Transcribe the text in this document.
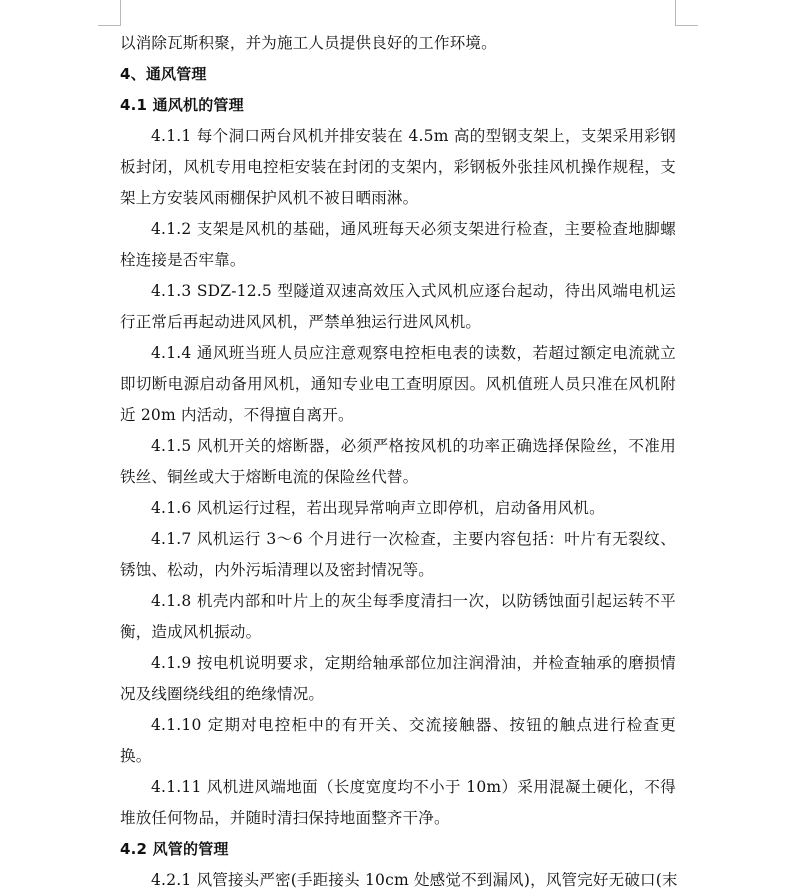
以消除瓦斯积聚，并为施工人员提供良好的工作环境。
4、通风管理
4.1 通风机的管理

4.1.1 每个洞口两台风机并排安装在 4.5m 高的型钢支架上，支架采用彩钢板封闭，风机专用电控柜安装在封闭的支架内，彩钢板外张挂风机操作规程，支架上方安装风雨棚保护风机不被日晒雨淋。

4.1.2 支架是风机的基础，通风班每天必须支架进行检查，主要检查地脚螺栓连接是否牢靠。

4.1.3 SDZ-12.5 型隧道双速高效压入式风机应逐台起动，待出风端电机运行正常后再起动进风风机，严禁单独运行进风风机。

4.1.4 通风班当班人员应注意观察电控柜电表的读数，若超过额定电流就立即切断电源启动备用风机，通知专业电工查明原因。风机值班人员只准在风机附近 20m 内活动，不得擅自离开。

4.1.5 风机开关的熔断器，必须严格按风机的功率正确选择保险丝，不准用铁丝、铜丝或大于熔断电流的保险丝代替。

4.1.6 风机运行过程，若出现异常响声立即停机，启动备用风机。

4.1.7 风机运行 3～6 个月进行一次检查，主要内容包括：叶片有无裂纹、锈蚀、松动，内外污垢清理以及密封情况等。

4.1.8 机壳内部和叶片上的灰尘每季度清扫一次，以防锈蚀面引起运转不平衡，造成风机振动。

4.1.9 按电机说明要求，定期给轴承部位加注润滑油，并检查轴承的磨损情况及线圈绕线组的绝缘情况。

4.1.10 定期对电控柜中的有开关、交流接触器、按钮的触点进行检查更换。

4.1.11 风机进风端地面（长度宽度均不小于 10m）采用混凝土硬化，不得堆放任何物品，并随时清扫保持地面整齐干净。

4.2 风管的管理

4.2.1 风管接头严密(手距接头 10cm 处感觉不到漏风)，风管完好无破口(末
